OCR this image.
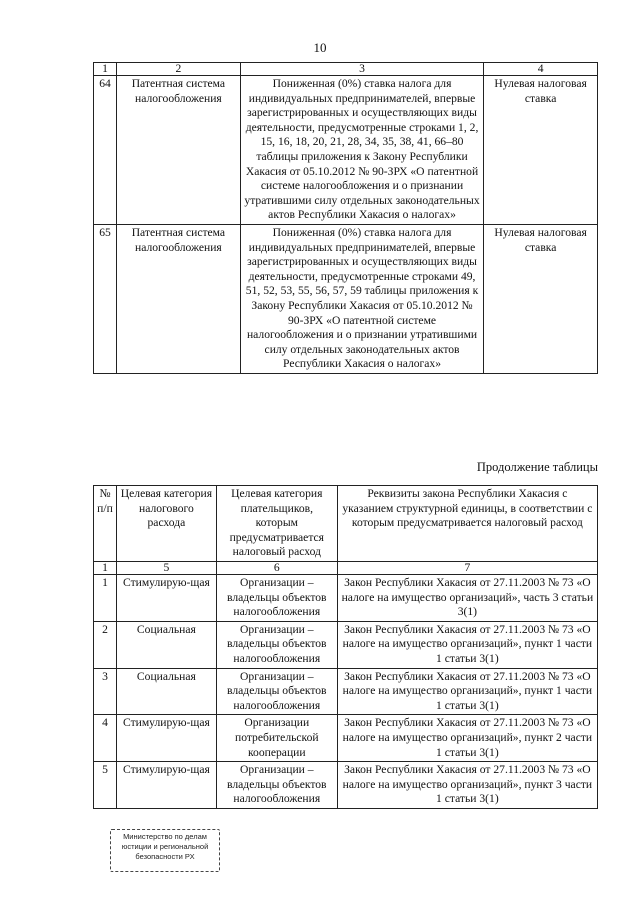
10
1	2	3	4
64	Патентная система налогообложения	Пониженная (0%) ставка налога для индивидуальных предпринимателей, впервые зарегистрированных и осуществляющих виды деятельности, предусмотренные строками 1, 2, 15, 16, 18, 20, 21, 28, 34, 35, 38, 41, 66–80 таблицы приложения к Закону Республики Хакасия от 05.10.2012 № 90-ЗРХ «О патентной системе налогообложения и о признании утратившими силу отдельных законодательных актов Республики Хакасия о налогах»	Нулевая налоговая ставка
65	Патентная система налогообложения	Пониженная (0%) ставка налога для индивидуальных предпринимателей, впервые зарегистрированных и осуществляющих виды деятельности, предусмотренные строками 49, 51, 52, 53, 55, 56, 57, 59 таблицы приложения к Закону Республики Хакасия от 05.10.2012 № 90-ЗРХ «О патентной системе налогообложения и о признании утратившими силу отдельных законодательных актов Республики Хакасия о налогах»	Нулевая налоговая ставка
Продолжение таблицы
№ п/п	Целевая категория налогового расхода	Целевая категория плательщиков, которым предусматривается налоговый расход	Реквизиты закона Республики Хакасия с указанием структурной единицы, в соответствии с которым предусматривается налоговый расход
1	5	6	7
1	Стимулирую-щая	Организации – владельцы объектов налогообложения	Закон Республики Хакасия от 27.11.2003 № 73 «О налоге на имущество организаций», часть 3 статьи 3(1)
2	Социальная	Организации – владельцы объектов налогообложения	Закон Республики Хакасия от 27.11.2003 № 73 «О налоге на имущество организаций», пункт 1 части 1 статьи 3(1)
3	Социальная	Организации – владельцы объектов налогообложения	Закон Республики Хакасия от 27.11.2003 № 73 «О налоге на имущество организаций», пункт 1 части 1 статьи 3(1)
4	Стимулирую-щая	Организации потребительской кооперации	Закон Республики Хакасия от 27.11.2003 № 73 «О налоге на имущество организаций», пункт 2 части 1 статьи 3(1)
5	Стимулирую-щая	Организации – владельцы объектов налогообложения	Закон Республики Хакасия от 27.11.2003 № 73 «О налоге на имущество организаций», пункт 3 части 1 статьи 3(1)
Министерство по делам
юстиции и региональной
безопасности РХ
